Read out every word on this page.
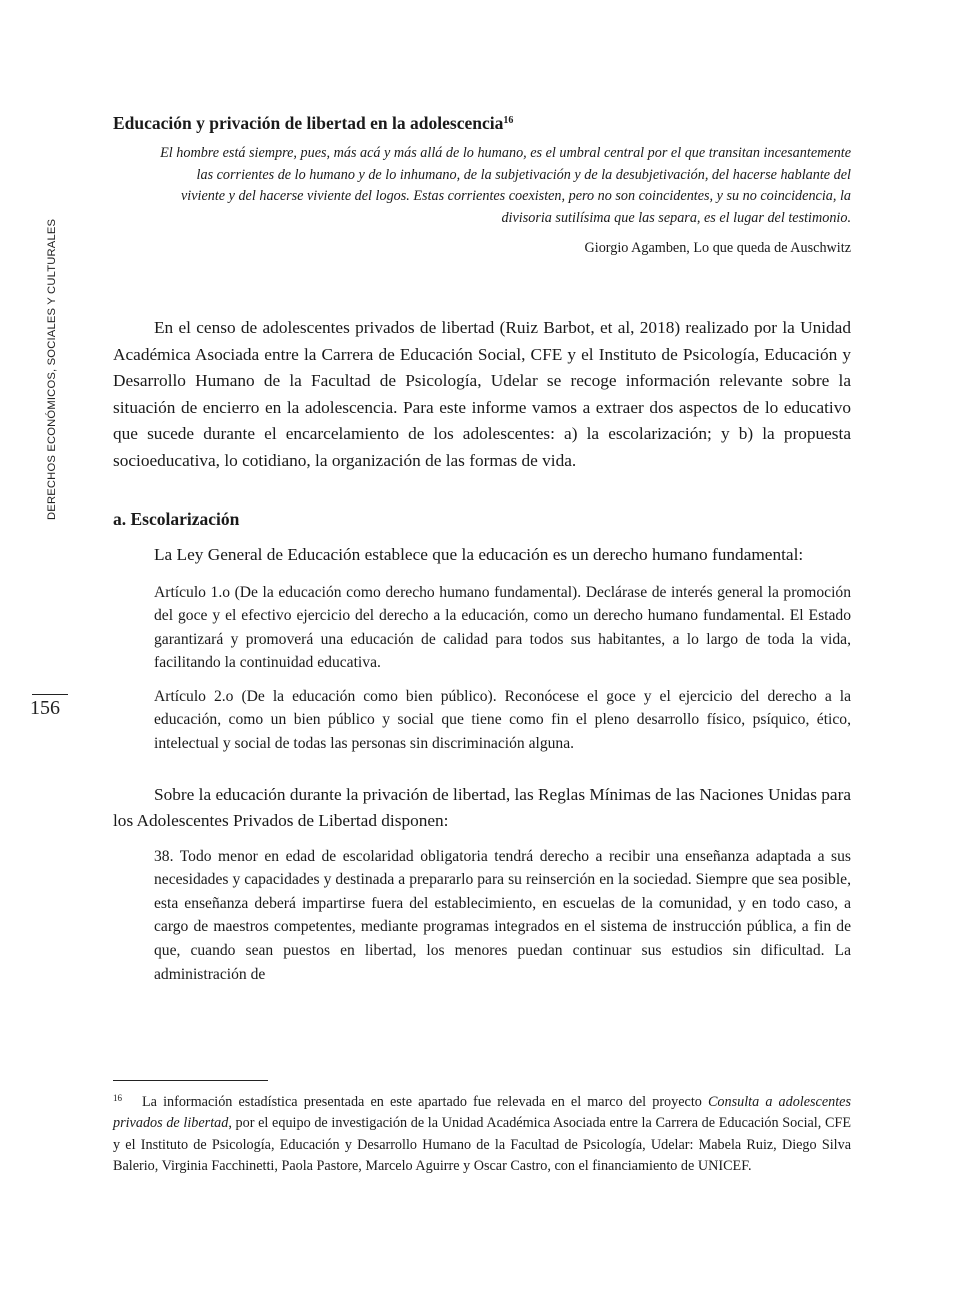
DERECHOS ECONÓMICOS, SOCIALES Y CULTURALES
156
Educación y privación de libertad en la adolescencia$^{16}$
El hombre está siempre, pues, más acá y más allá de lo humano, es el umbral central por el que transitan incesantemente las corrientes de lo humano y de lo inhumano, de la subjetivación y de la desubjetivación, del hacerse hablante del viviente y del hacerse viviente del logos. Estas corrientes coexisten, pero no son coincidentes, y su no coincidencia, la divisoria sutilísima que las separa, es el lugar del testimonio.
Giorgio Agamben, Lo que queda de Auschwitz

En el censo de adolescentes privados de libertad (Ruiz Barbot, et al, 2018) realizado por la Unidad Académica Asociada entre la Carrera de Educación Social, CFE y el Instituto de Psicología, Educación y Desarrollo Humano de la Facultad de Psicología, Udelar se recoge información relevante sobre la situación de encierro en la adolescencia. Para este informe vamos a extraer dos aspectos de lo educativo que sucede durante el encarcelamiento de los adolescentes: a) la escolarización; y b) la propuesta socioeducativa, lo cotidiano, la organización de las formas de vida.

a. Escolarización

La Ley General de Educación establece que la educación es un derecho humano fundamental:

Artículo 1.o (De la educación como derecho humano fundamental). Declárase de interés general la promoción del goce y el efectivo ejercicio del derecho a la educación, como un derecho humano fundamental. El Estado garantizará y promoverá una educación de calidad para todos sus habitantes, a lo largo de toda la vida, facilitando la continuidad educativa.
Artículo 2.o (De la educación como bien público). Reconócese el goce y el ejercicio del derecho a la educación, como un bien público y social que tiene como fin el pleno desarrollo físico, psíquico, ético, intelectual y social de todas las personas sin discriminación alguna.

Sobre la educación durante la privación de libertad, las Reglas Mínimas de las Naciones Unidas para los Adolescentes Privados de Libertad disponen:

38. Todo menor en edad de escolaridad obligatoria tendrá derecho a recibir una enseñanza adaptada a sus necesidades y capacidades y destinada a prepararlo para su reinserción en la sociedad. Siempre que sea posible, esta enseñanza deberá impartirse fuera del establecimiento, en escuelas de la comunidad, y en todo caso, a cargo de maestros competentes, mediante programas integrados en el sistema de instrucción pública, a fin de que, cuando sean puestos en libertad, los menores puedan continuar sus estudios sin dificultad. La administración de
$^{16}$ La información estadística presentada en este apartado fue relevada en el marco del proyecto Consulta a adolescentes privados de libertad, por el equipo de investigación de la Unidad Académica Asociada entre la Carrera de Educación Social, CFE y el Instituto de Psicología, Educación y Desarrollo Humano de la Facultad de Psicología, Udelar: Mabela Ruiz, Diego Silva Balerio, Virginia Facchinetti, Paola Pastore, Marcelo Aguirre y Oscar Castro, con el financiamiento de UNICEF.
